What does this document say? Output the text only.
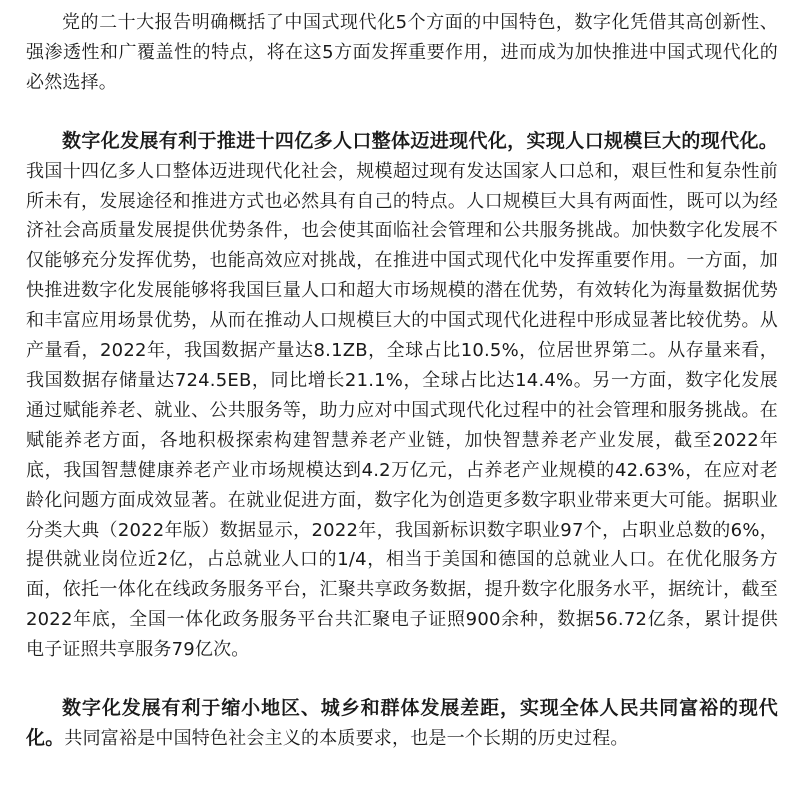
党的二十大报告明确概括了中国式现代化5个方面的中国特色，数字化凭借其高创新性、强渗透性和广覆盖性的特点，将在这5方面发挥重要作用，进而成为加快推进中国式现代化的必然选择。

数字化发展有利于推进十四亿多人口整体迈进现代化，实现人口规模巨大的现代化。我国十四亿多人口整体迈进现代化社会，规模超过现有发达国家人口总和，艰巨性和复杂性前所未有，发展途径和推进方式也必然具有自己的特点。人口规模巨大具有两面性，既可以为经济社会高质量发展提供优势条件，也会使其面临社会管理和公共服务挑战。加快数字化发展不仅能够充分发挥优势，也能高效应对挑战，在推进中国式现代化中发挥重要作用。一方面，加快推进数字化发展能够将我国巨量人口和超大市场规模的潜在优势，有效转化为海量数据优势和丰富应用场景优势，从而在推动人口规模巨大的中国式现代化进程中形成显著比较优势。从产量看，2022年，我国数据产量达8.1ZB，全球占比10.5%，位居世界第二。从存量来看，我国数据存储量达724.5EB，同比增长21.1%，全球占比达14.4%。另一方面，数字化发展通过赋能养老、就业、公共服务等，助力应对中国式现代化过程中的社会管理和服务挑战。在赋能养老方面，各地积极探索构建智慧养老产业链，加快智慧养老产业发展，截至2022年底，我国智慧健康养老产业市场规模达到4.2万亿元，占养老产业规模的42.63%，在应对老龄化问题方面成效显著。在就业促进方面，数字化为创造更多数字职业带来更大可能。据职业分类大典（2022年版）数据显示，2022年，我国新标识数字职业97个，占职业总数的6%，提供就业岗位近2亿，占总就业人口的1/4，相当于美国和德国的总就业人口。在优化服务方面，依托一体化在线政务服务平台，汇聚共享政务数据，提升数字化服务水平，据统计，截至2022年底，全国一体化政务服务平台共汇聚电子证照900余种，数据56.72亿条，累计提供电子证照共享服务79亿次。

数字化发展有利于缩小地区、城乡和群体发展差距，实现全体人民共同富裕的现代化。共同富裕是中国特色社会主义的本质要求，也是一个长期的历史过程。
